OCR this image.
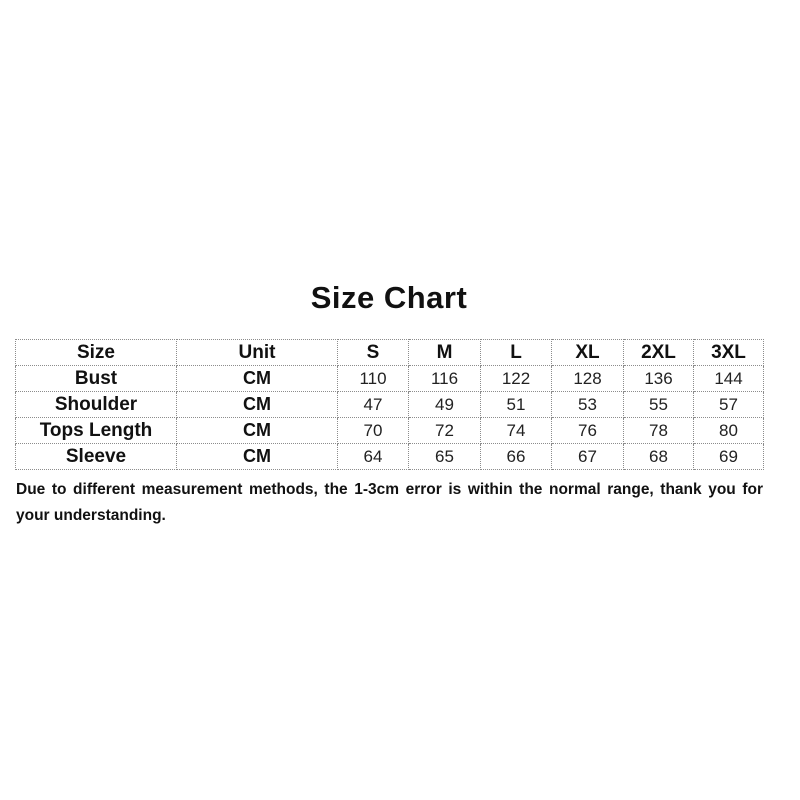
Size Chart
Size	Unit	S	M	L	XL	2XL	3XL
Bust	CM	110	116	122	128	136	144
Shoulder	CM	47	49	51	53	55	57
Tops Length	CM	70	72	74	76	78	80
Sleeve	CM	64	65	66	67	68	69

Due to different measurement methods, the 1-3cm error is within the normal range, thank you for
your understanding.
